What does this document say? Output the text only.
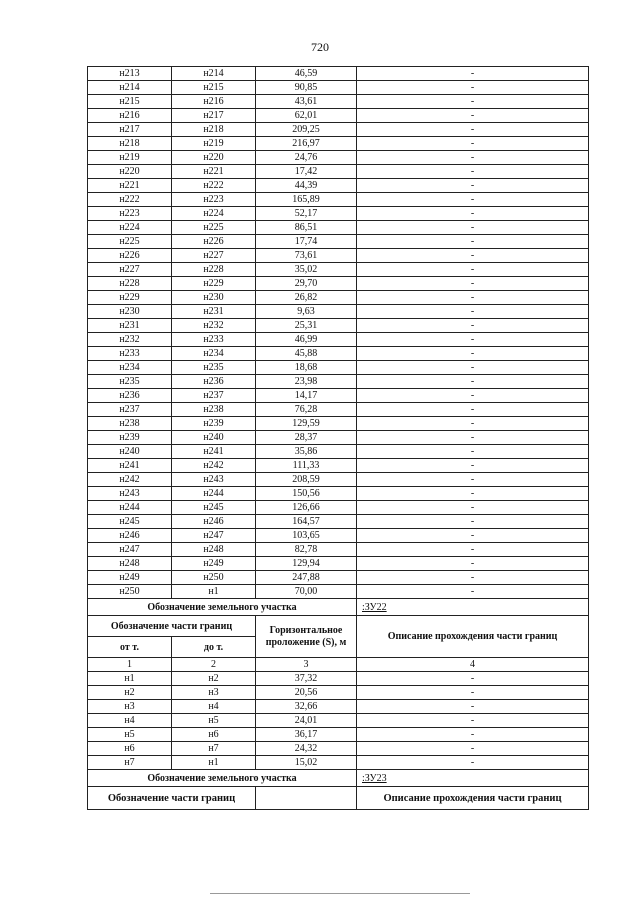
720
н213	н214	46,59	-
н214	н215	90,85	-
н215	н216	43,61	-
н216	н217	62,01	-
н217	н218	209,25	-
н218	н219	216,97	-
н219	н220	24,76	-
н220	н221	17,42	-
н221	н222	44,39	-
н222	н223	165,89	-
н223	н224	52,17	-
н224	н225	86,51	-
н225	н226	17,74	-
н226	н227	73,61	-
н227	н228	35,02	-
н228	н229	29,70	-
н229	н230	26,82	-
н230	н231	9,63	-
н231	н232	25,31	-
н232	н233	46,99	-
н233	н234	45,88	-
н234	н235	18,68	-
н235	н236	23,98	-
н236	н237	14,17	-
н237	н238	76,28	-
н238	н239	129,59	-
н239	н240	28,37	-
н240	н241	35,86	-
н241	н242	111,33	-
н242	н243	208,59	-
н243	н244	150,56	-
н244	н245	126,66	-
н245	н246	164,57	-
н246	н247	103,65	-
н247	н248	82,78	-
н248	н249	129,94	-
н249	н250	247,88	-
н250	н1	70,00	-
Обозначение земельного участка			:ЗУ22
Обозначение части границ		Горизонтальное проложение (S), м	Описание прохождения части границ
от т.	до т.		
1	2	3	4
н1	н2	37,32	-
н2	н3	20,56	-
н3	н4	32,66	-
н4	н5	24,01	-
н5	н6	36,17	-
н6	н7	24,32	-
н7	н1	15,02	-
Обозначение земельного участка			:ЗУ23
Обозначение части границ			Описание прохождения части границ
